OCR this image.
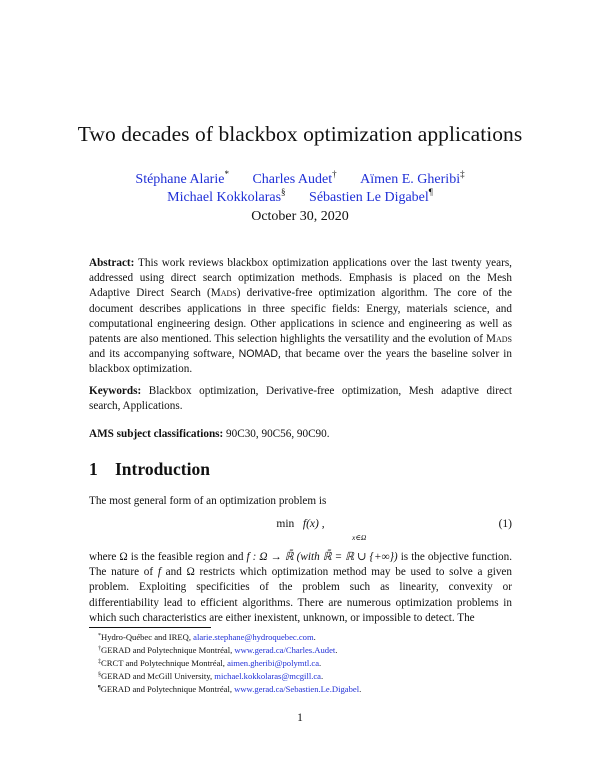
Two decades of blackbox optimization applications
Stéphane Alarie* Charles Audet† Aïmen E. Gheribi‡
Michael Kokkolaras§ Sébastien Le Digabel¶
October 30, 2020
Abstract: This work reviews blackbox optimization applications over the last twenty years, addressed using direct search optimization methods. Emphasis is placed on the Mesh Adaptive Direct Search (Mads) derivative-free optimization algorithm. The core of the document describes applications in three specific fields: Energy, materials science, and computational engineering design. Other applications in science and engineering as well as patents are also mentioned. This selection highlights the versatility and the evolution of Mads and its accompanying software, NOMAD, that became over the years the baseline solver in blackbox optimization.
Keywords: Blackbox optimization, Derivative-free optimization, Mesh adaptive direct search, Applications.
AMS subject classifications: 90C30, 90C56, 90C90.
1 Introduction
The most general form of an optimization problem is
min f(x) ,
x∈Ω
(1)
where Ω is the feasible region and f : Ω → ℝ̄ (with ℝ̄ = ℝ ∪ {+∞}) is the objective function. The nature of f and Ω restricts which optimization method may be used to solve a given problem. Exploiting specificities of the problem such as linearity, convexity or differentiability lead to efficient algorithms. There are numerous optimization problems in which such characteristics are either inexistent, unknown, or impossible to detect. The
*Hydro-Québec and IREQ, alarie.stephane@hydroquebec.com.
†GERAD and Polytechnique Montréal, www.gerad.ca/Charles.Audet.
‡CRCT and Polytechnique Montréal, aimen.gheribi@polymtl.ca.
§GERAD and McGill University, michael.kokkolaras@mcgill.ca.
¶GERAD and Polytechnique Montréal, www.gerad.ca/Sebastien.Le.Digabel.
1
